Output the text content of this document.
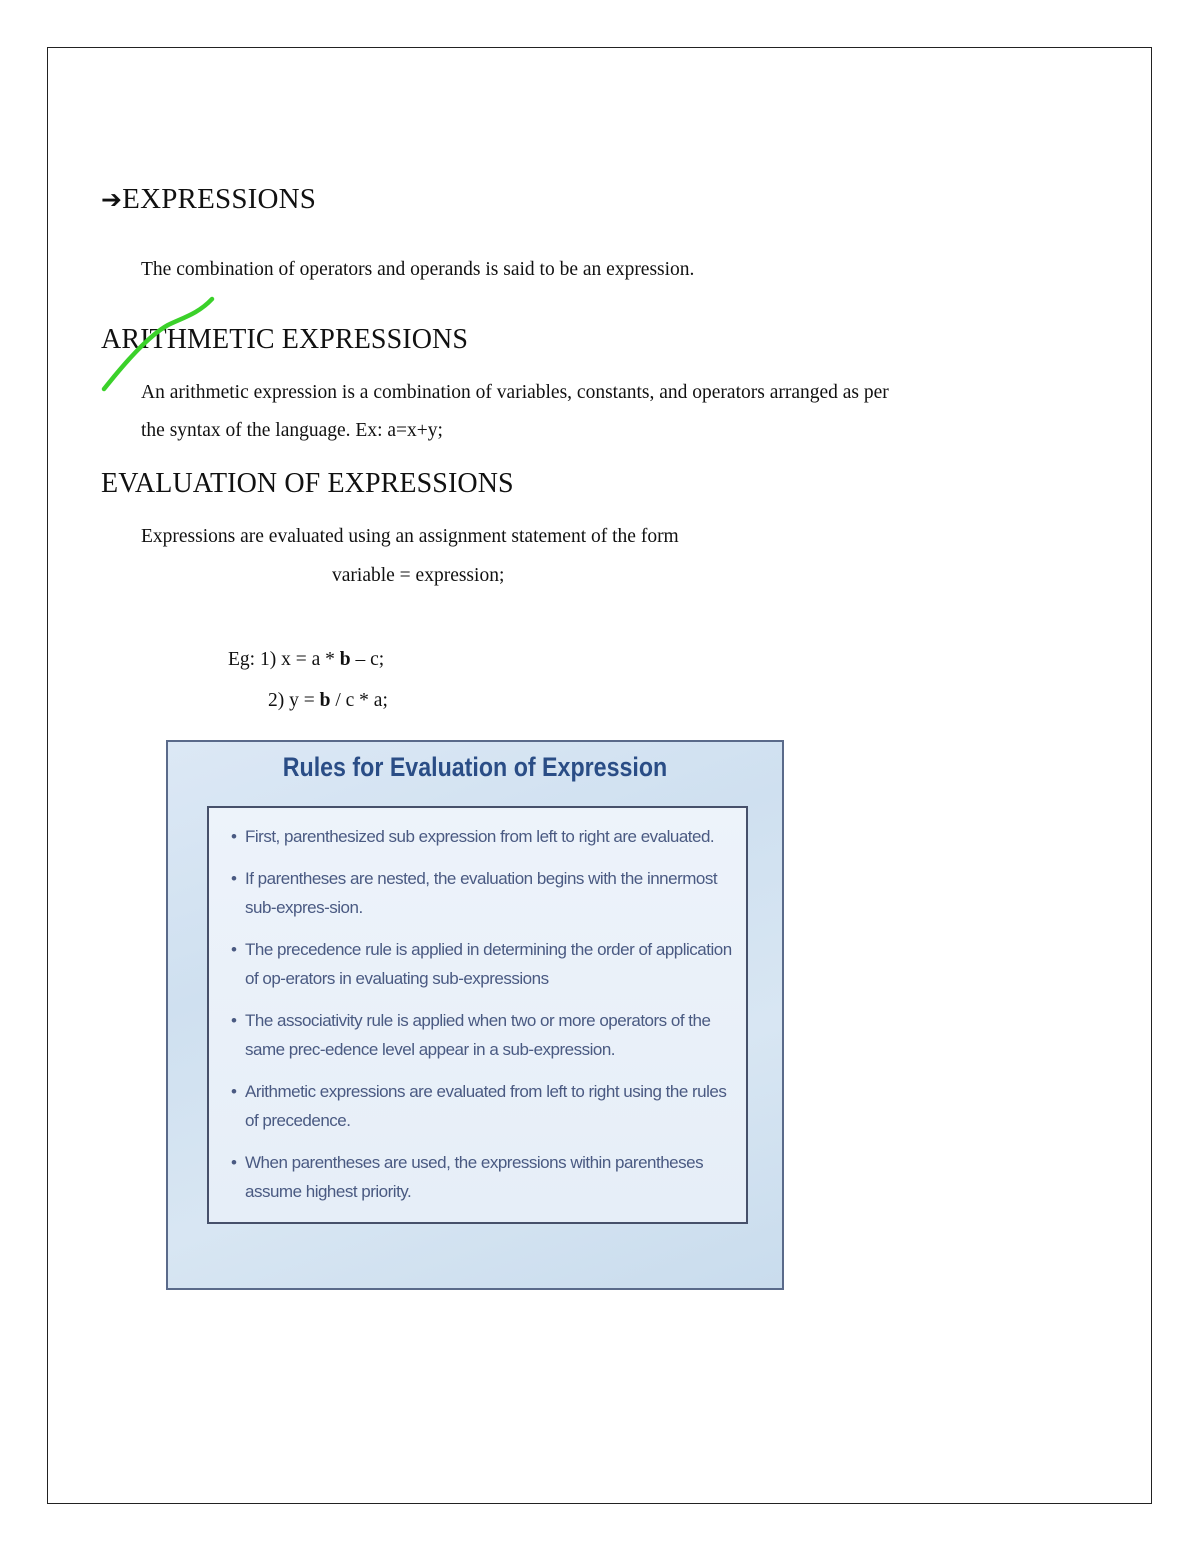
➔EXPRESSIONS
The combination of operators and operands is said to be an expression.
ARITHMETIC EXPRESSIONS
An arithmetic expression is a combination of variables, constants, and operators arranged as per
the syntax of the language. Ex: a=x+y;
EVALUATION OF EXPRESSIONS
Expressions are evaluated using an assignment statement of the form
variable = expression;
Eg: 1) x = a * b – c;
2) y = b / c * a;
Rules for Evaluation of Expression
• First, parenthesized sub expression from left to right are evaluated.
• If parentheses are nested, the evaluation begins with the innermost sub-expres-sion.
• The precedence rule is applied in determining the order of application of op-erators in evaluating sub-expressions
• The associativity rule is applied when two or more operators of the same prec-edence level appear in a sub-expression.
• Arithmetic expressions are evaluated from left to right using the rules of precedence.
• When parentheses are used, the expressions within parentheses assume highest priority.
